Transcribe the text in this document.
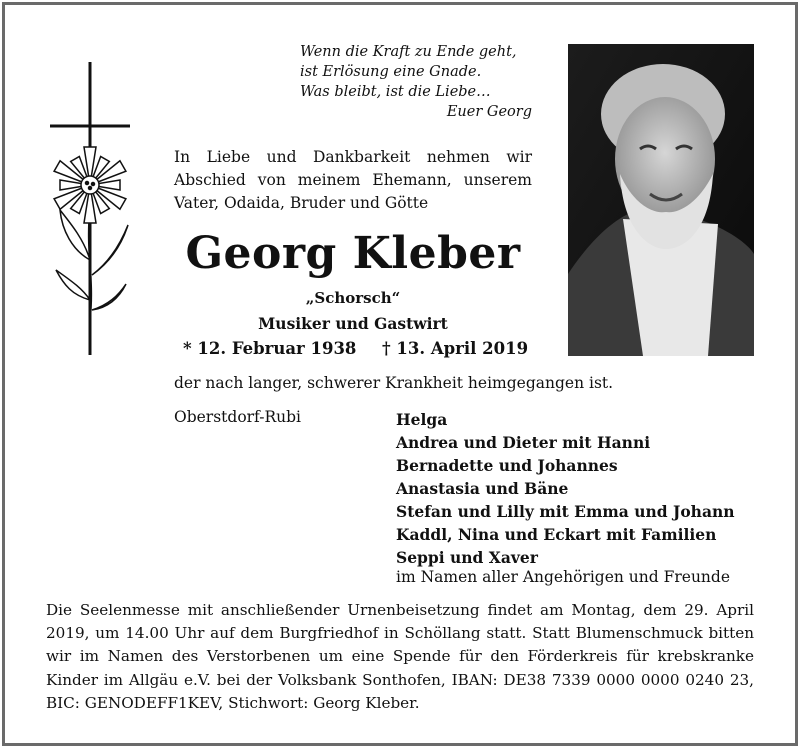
Wenn die Kraft zu Ende geht,
ist Erlösung eine Gnade.
Was bleibt, ist die Liebe…
Euer Georg
In Liebe und Dankbarkeit nehmen wir Abschied von meinem Ehemann, unserem Vater, Odaida, Bruder und Götte
Georg Kleber
„Schorsch“
Musiker und Gastwirt
* 12. Februar 1938 † 13. April 2019
der nach langer, schwerer Krankheit heimgegangen ist.
Oberstdorf-Rubi	Helga
Andrea und Dieter mit Hanni
Bernadette und Johannes
Anastasia und Bäne
Stefan und Lilly mit Emma und Johann
Kaddl, Nina und Eckart mit Familien
Seppi und Xaver
im Namen aller Angehörigen und Freunde
Die Seelenmesse mit anschließender Urnenbeisetzung findet am Montag, dem 29. April 2019, um 14.00 Uhr auf dem Burgfriedhof in Schöllang statt. Statt Blumenschmuck bitten wir im Namen des Verstorbenen um eine Spende für den Förderkreis für krebskranke Kinder im Allgäu e.V. bei der Volksbank Sonthofen, IBAN: DE38 7339 0000 0000 0240 23, BIC: GENODEFF1KEV, Stichwort: Georg Kleber.
